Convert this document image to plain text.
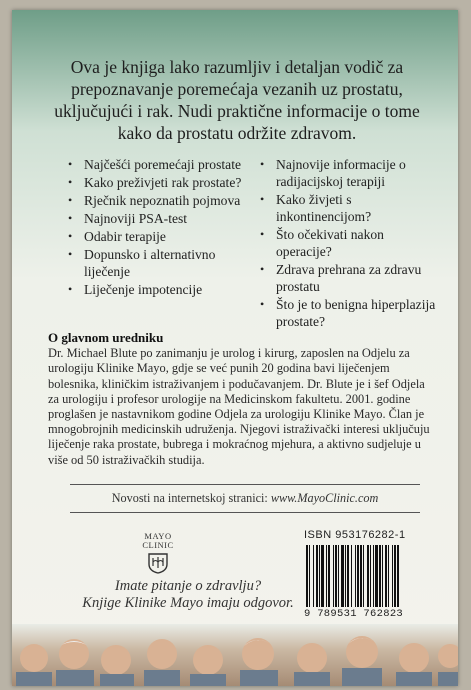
Ova je knjiga lako razumljiv i detaljan vodič za prepoznavanje poremećaja vezanih uz prostatu, uključujući i rak. Nudi praktične informacije o tome kako da prostatu održite zdravom.
• Najčešći poremećaji prostate
• Kako preživjeti rak prostate?
• Rječnik nepoznatih pojmova
• Najnoviji PSA-test
• Odabir terapije
• Dopunsko i alternativno liječenje
• Liječenje impotencije
• Najnovije informacije o radijacijskoj terapiji
• Kako živjeti s inkontinencijom?
• Što očekivati nakon operacije?
• Zdrava prehrana za zdravu prostatu
• Što je to benigna hiperplazija prostate?
O glavnom uredniku

Dr. Michael Blute po zanimanju je urolog i kirurg, zaposlen na Odjelu za urologiju Klinike Mayo, gdje se već punih 20 godina bavi liječenjem bolesnika, kliničkim istraživanjem i podučavanjem. Dr. Blute je i šef Odjela za urologiju i profesor urologije na Medicinskom fakultetu. 2001. godine proglašen je nastavnikom godine Odjela za urologiju Klinike Mayo. Član je mnogobrojnih medicinskih udruženja. Njegovi istraživački interesi uključuju liječenje raka prostate, bubrega i mokraćnog mjehura, a aktivno sudjeluje u više od 50 istraživačkih studija.

Novosti na internetskoj stranici: www.MayoClinic.com
MAYO
CLINIC
Imate pitanje o zdravlju?
Knjige Klinike Mayo imaju odgovor.
ISBN 953176282-1
9 789531 762823
